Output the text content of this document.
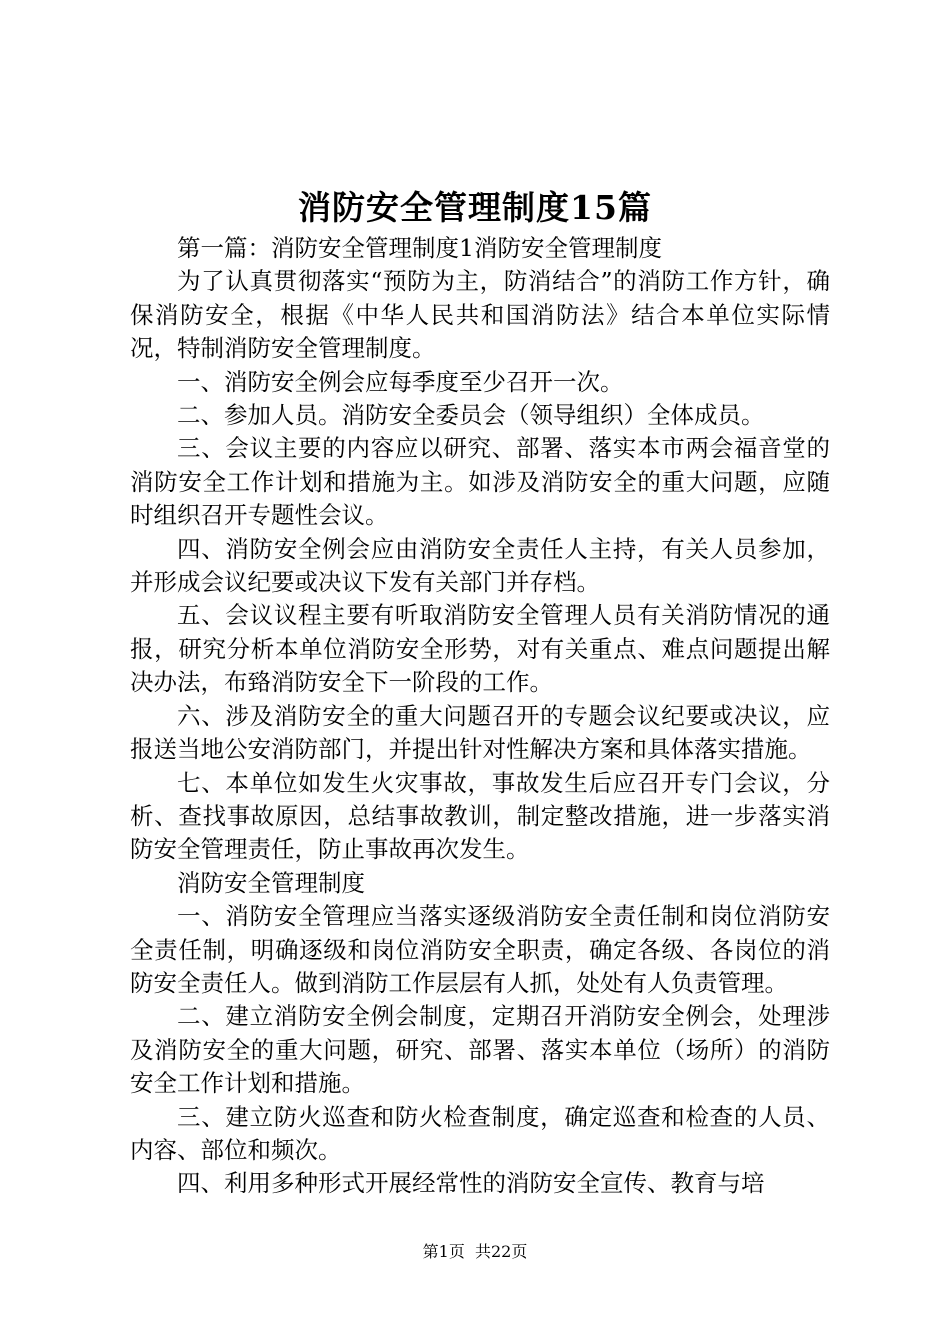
消防安全管理制度15篇

第一篇：消防安全管理制度1消防安全管理制度

为了认真贯彻落实“预防为主，防消结合”的消防工作方针，确保消防安全，根据《中华人民共和国消防法》结合本单位实际情况，特制消防安全管理制度。

一、消防安全例会应每季度至少召开一次。

二、参加人员。消防安全委员会（领导组织）全体成员。

三、会议主要的内容应以研究、部署、落实本市两会福音堂的消防安全工作计划和措施为主。如涉及消防安全的重大问题，应随时组织召开专题性会议。

四、消防安全例会应由消防安全责任人主持，有关人员参加，并形成会议纪要或决议下发有关部门并存档。

五、会议议程主要有听取消防安全管理人员有关消防情况的通报，研究分析本单位消防安全形势，对有关重点、难点问题提出解决办法，布臵消防安全下一阶段的工作。

六、涉及消防安全的重大问题召开的专题会议纪要或决议，应报送当地公安消防部门，并提出针对性解决方案和具体落实措施。

七、本单位如发生火灾事故，事故发生后应召开专门会议，分析、查找事故原因，总结事故教训，制定整改措施，进一步落实消防安全管理责任，防止事故再次发生。

消防安全管理制度

一、消防安全管理应当落实逐级消防安全责任制和岗位消防安全责任制，明确逐级和岗位消防安全职责，确定各级、各岗位的消防安全责任人。做到消防工作层层有人抓，处处有人负责管理。

二、建立消防安全例会制度，定期召开消防安全例会，处理涉及消防安全的重大问题，研究、部署、落实本单位（场所）的消防安全工作计划和措施。

三、建立防火巡查和防火检查制度，确定巡查和检查的人员、内容、部位和频次。

四、利用多种形式开展经常性的消防安全宣传、教育与培

第1页  共22页
